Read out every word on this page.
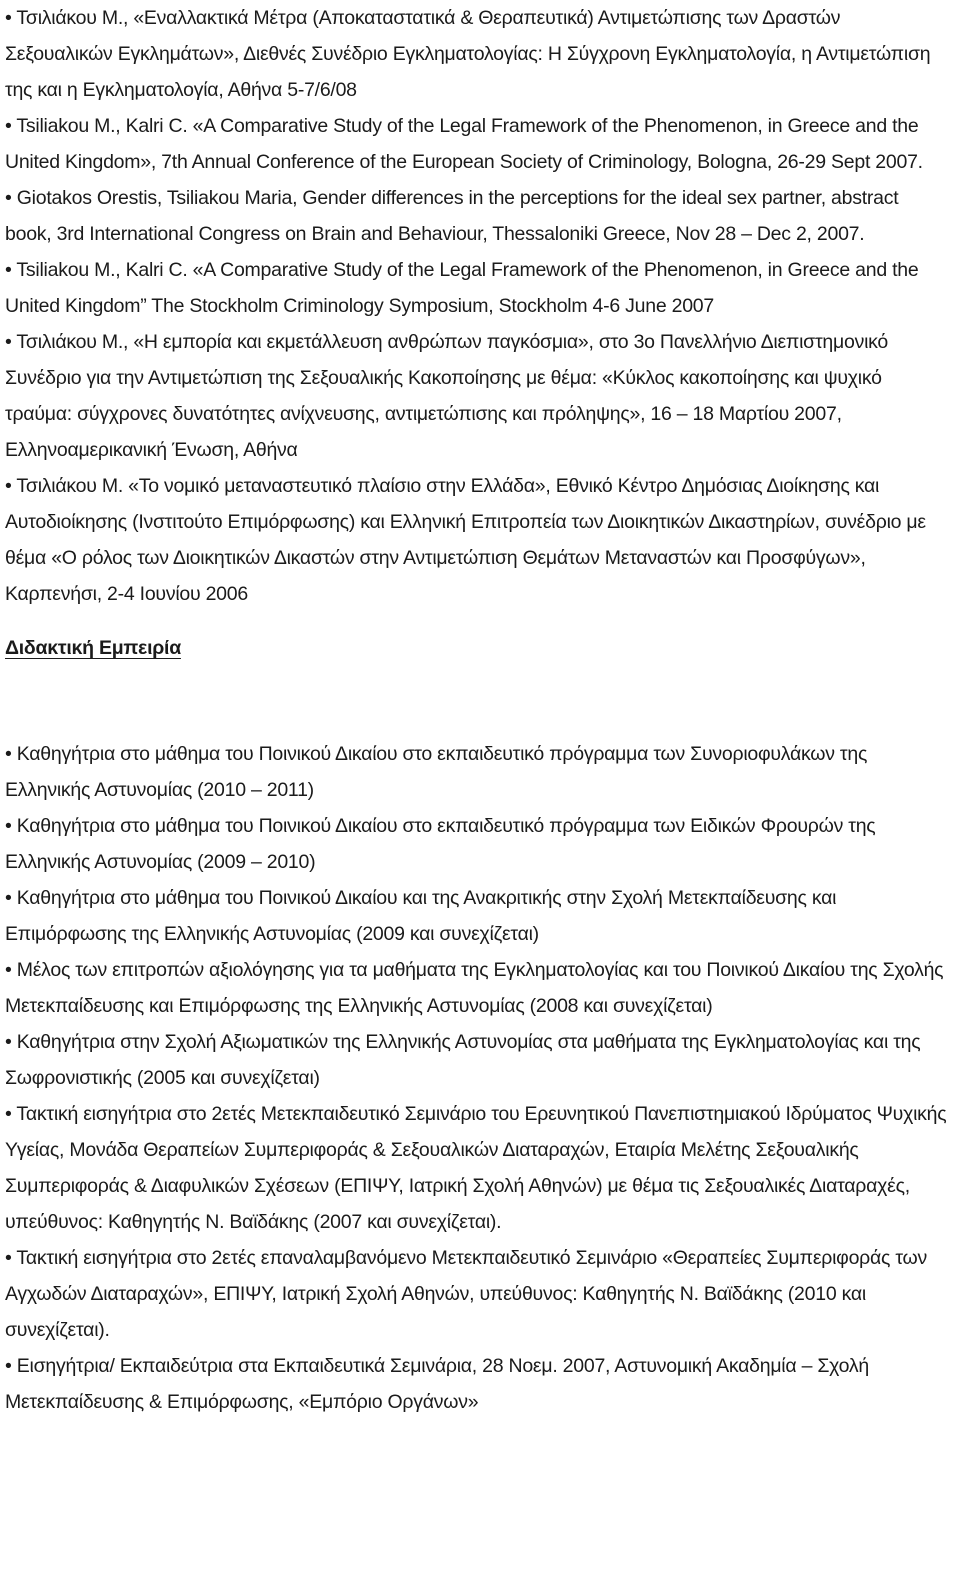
• Τσιλιάκου Μ., «Εναλλακτικά Μέτρα (Αποκαταστατικά & Θεραπευτικά) Αντιμετώπισης των Δραστών Σεξουαλικών Εγκλημάτων», Διεθνές Συνέδριο Εγκληματολογίας: Η Σύγχρονη Εγκληματολογία, η Αντιμετώπιση της και η Εγκληματολογία, Αθήνα 5-7/6/08

• Tsiliakou M., Kalri C. «A Comparative Study of the Legal Framework of the Phenomenon, in Greece and the United Kingdom», 7th Annual Conference of the European Society of Criminology, Bologna, 26-29 Sept 2007.

• Giotakos Orestis, Tsiliakou Maria, Gender differences in the perceptions for the ideal sex partner, abstract book, 3rd International Congress on Brain and Behaviour, Thessaloniki Greece, Nov 28 – Dec 2, 2007.

• Tsiliakou M., Kalri C. «A Comparative Study of the Legal Framework of the Phenomenon, in Greece and the United Kingdom” The Stockholm Criminology Symposium, Stockholm 4-6 June 2007

• Τσιλιάκου Μ., «Η εμπορία και εκμετάλλευση ανθρώπων παγκόσμια», στο 3ο Πανελλήνιο Διεπιστημονικό Συνέδριο για την Αντιμετώπιση της Σεξουαλικής Κακοποίησης με θέμα: «Κύκλος κακοποίησης και ψυχικό τραύμα: σύγχρονες δυνατότητες ανίχνευσης, αντιμετώπισης και πρόληψης», 16 – 18 Μαρτίου 2007, Ελληνοαμερικανική Ένωση, Αθήνα

• Τσιλιάκου Μ. «Το νομικό μεταναστευτικό πλαίσιο στην Ελλάδα», Εθνικό Κέντρο Δημόσιας Διοίκησης και Αυτοδιοίκησης (Ινστιτούτο Επιμόρφωσης) και Ελληνική Επιτροπεία των Διοικητικών Δικαστηρίων, συνέδριο με θέμα «Ο ρόλος των Διοικητικών Δικαστών στην Αντιμετώπιση Θεμάτων Μεταναστών και Προσφύγων», Καρπενήσι, 2-4 Ιουνίου 2006

Διδακτική Εμπειρία

• Καθηγήτρια στο μάθημα του Ποινικού Δικαίου στο εκπαιδευτικό πρόγραμμα των Συνοριοφυλάκων της Ελληνικής Αστυνομίας (2010 – 2011)

• Καθηγήτρια στο μάθημα του Ποινικού Δικαίου στο εκπαιδευτικό πρόγραμμα των Ειδικών Φρουρών της Ελληνικής Αστυνομίας (2009 – 2010)

• Καθηγήτρια στο μάθημα του Ποινικού Δικαίου και της Ανακριτικής στην Σχολή Μετεκπαίδευσης και Επιμόρφωσης της Ελληνικής Αστυνομίας (2009 και συνεχίζεται)

• Μέλος των επιτροπών αξιολόγησης για τα μαθήματα της Εγκληματολογίας και του Ποινικού Δικαίου της Σχολής Μετεκπαίδευσης και Επιμόρφωσης της Ελληνικής Αστυνομίας (2008 και συνεχίζεται)

• Καθηγήτρια στην Σχολή Αξιωματικών της Ελληνικής Αστυνομίας στα μαθήματα της Εγκληματολογίας και της Σωφρονιστικής (2005 και συνεχίζεται)

• Τακτική εισηγήτρια στο 2ετές Μετεκπαιδευτικό Σεμινάριο του Ερευνητικού Πανεπιστημιακού Ιδρύματος Ψυχικής Υγείας, Μονάδα Θεραπείων Συμπεριφοράς & Σεξουαλικών Διαταραχών, Εταιρία Μελέτης Σεξουαλικής Συμπεριφοράς & Διαφυλικών Σχέσεων (ΕΠΙΨΥ, Ιατρική Σχολή Αθηνών) με θέμα τις Σεξουαλικές Διαταραχές, υπεύθυνος: Καθηγητής Ν. Βαϊδάκης (2007 και συνεχίζεται).

• Τακτική εισηγήτρια στο 2ετές επαναλαμβανόμενο Μετεκπαιδευτικό Σεμινάριο «Θεραπείες Συμπεριφοράς των Αγχωδών Διαταραχών», ΕΠΙΨΥ, Ιατρική Σχολή Αθηνών, υπεύθυνος: Καθηγητής Ν. Βαϊδάκης (2010 και συνεχίζεται).

• Εισηγήτρια/ Εκπαιδεύτρια στα Εκπαιδευτικά Σεμινάρια, 28 Νοεμ. 2007, Αστυνομική Ακαδημία – Σχολή Μετεκπαίδευσης & Επιμόρφωσης, «Εμπόριο Οργάνων»
